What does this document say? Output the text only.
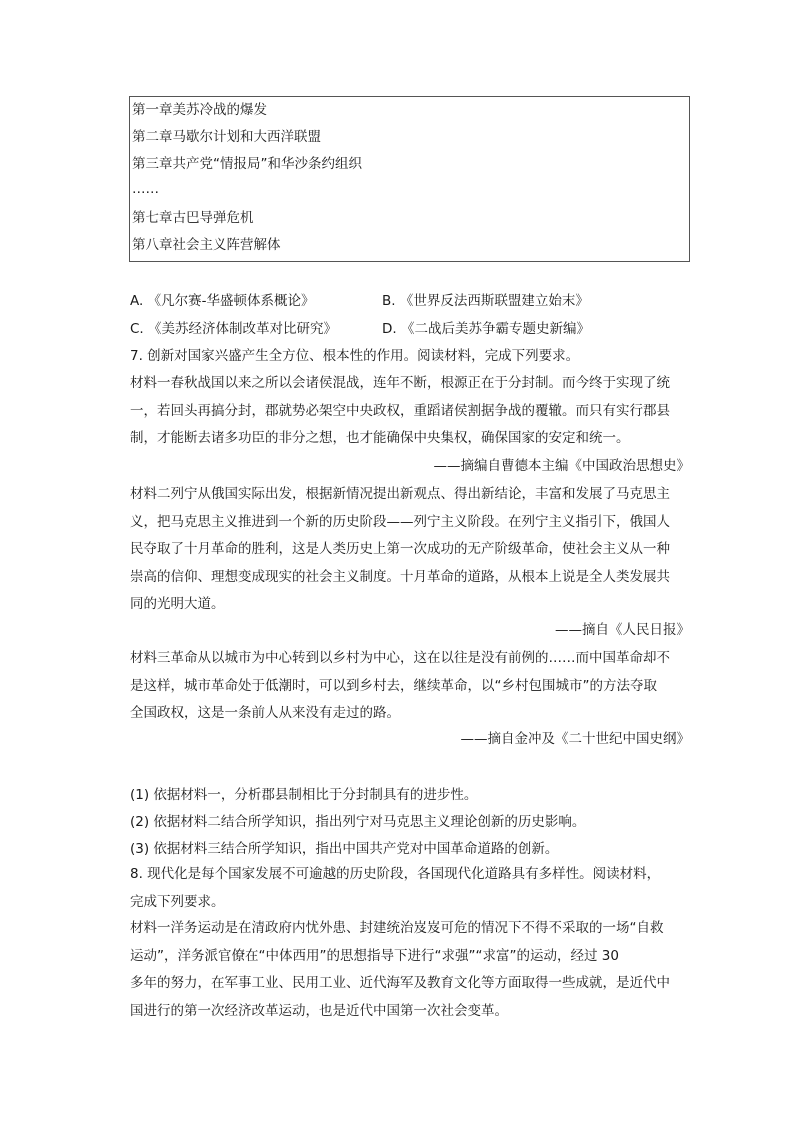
第一章美苏冷战的爆发
第二章马歇尔计划和大西洋联盟
第三章共产党“情报局”和华沙条约组织
……
第七章古巴导弹危机
第八章社会主义阵营解体
A. 《凡尔赛-华盛顿体系概论》	B. 《世界反法西斯联盟建立始末》
C. 《美苏经济体制改革对比研究》	D. 《二战后美苏争霸专题史新编》
7. 创新对国家兴盛产生全方位、根本性的作用。阅读材料，完成下列要求。
材料一春秋战国以来之所以会诸侯混战，连年不断，根源正在于分封制。而今终于实现了统
一，若回头再搞分封，郡就势必架空中央政权，重蹈诸侯割据争战的覆辙。而只有实行郡县
制，才能断去诸多功臣的非分之想，也才能确保中央集权，确保国家的安定和统一。
——摘编自曹德本主编《中国政治思想史》
材料二列宁从俄国实际出发，根据新情况提出新观点、得出新结论，丰富和发展了马克思主
义，把马克思主义推进到一个新的历史阶段——列宁主义阶段。在列宁主义指引下，俄国人
民夺取了十月革命的胜利，这是人类历史上第一次成功的无产阶级革命，使社会主义从一种
崇高的信仰、理想变成现实的社会主义制度。十月革命的道路，从根本上说是全人类发展共
同的光明大道。
——摘自《人民日报》
材料三革命从以城市为中心转到以乡村为中心，这在以往是没有前例的……而中国革命却不
是这样，城市革命处于低潮时，可以到乡村去，继续革命，以“乡村包围城市”的方法夺取
全国政权，这是一条前人从来没有走过的路。
——摘自金冲及《二十世纪中国史纲》
(1) 依据材料一，分析郡县制相比于分封制具有的进步性。
(2) 依据材料二结合所学知识，指出列宁对马克思主义理论创新的历史影响。
(3) 依据材料三结合所学知识，指出中国共产党对中国革命道路的创新。
8. 现代化是每个国家发展不可逾越的历史阶段，各国现代化道路具有多样性。阅读材料，
完成下列要求。
材料一洋务运动是在清政府内忧外患、封建统治岌岌可危的情况下不得不采取的一场“自救
运动”，洋务派官僚在“中体西用”的思想指导下进行“求强”“求富”的运动，经过 30
多年的努力，在军事工业、民用工业、近代海军及教育文化等方面取得一些成就，是近代中
国进行的第一次经济改革运动，也是近代中国第一次社会变革。
